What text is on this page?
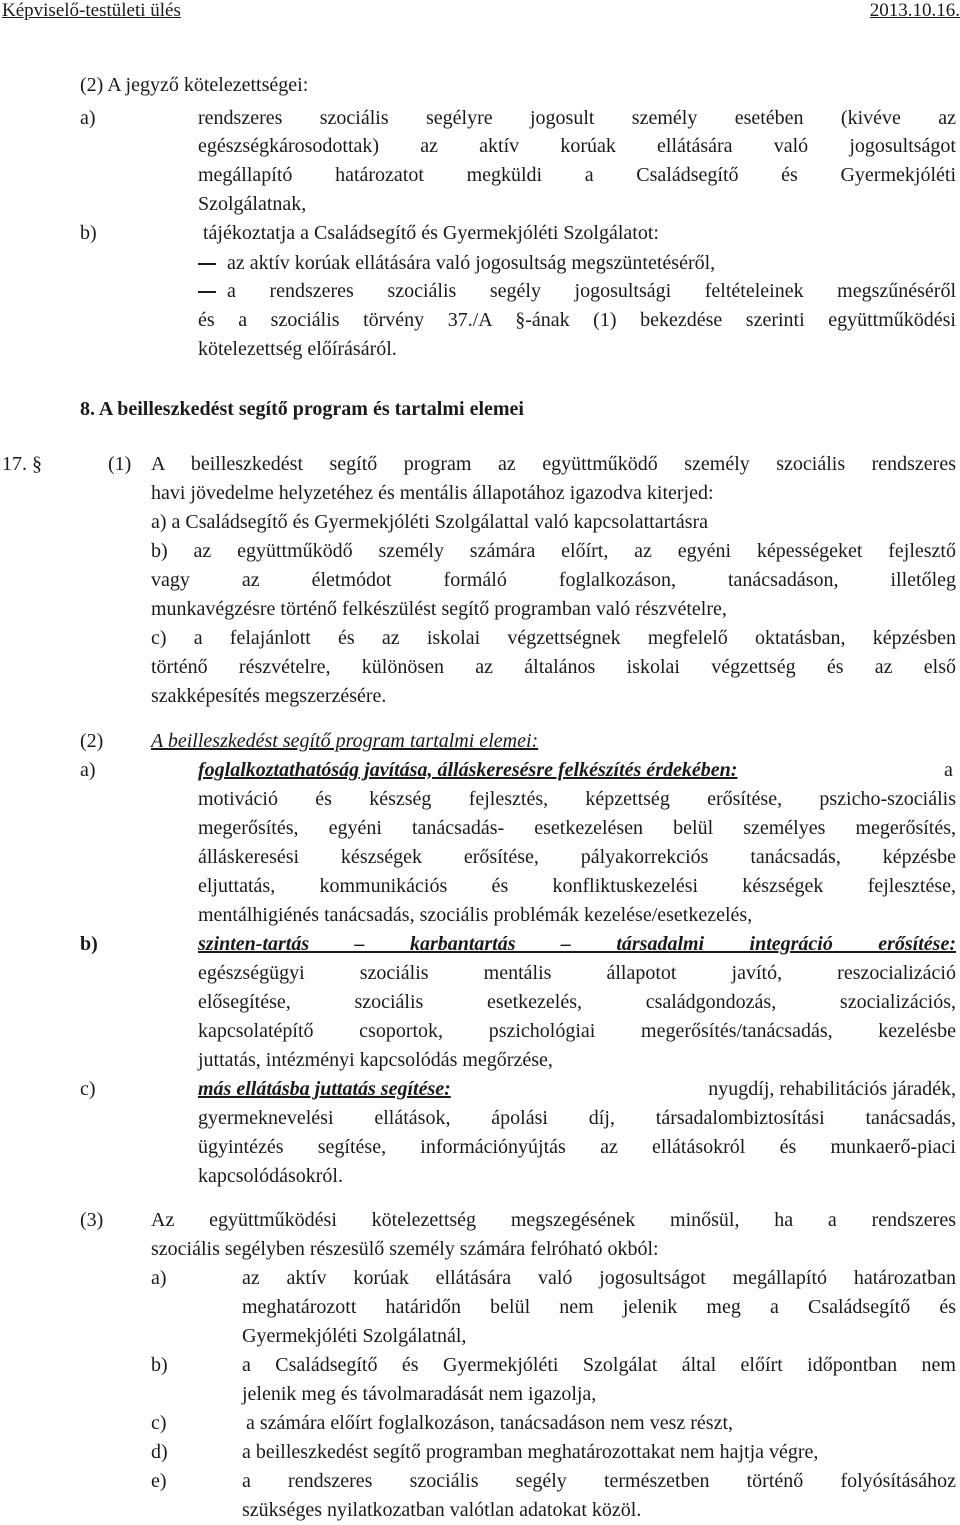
Képviselő-testületi ülés	2013.10.16.
(2) A jegyző kötelezettségei:
a)	rendszeres szociális segélyre jogosult személy esetében (kivéve az
egészségkárosodottak) az aktív korúak ellátására való jogosultságot
megállapító határozatot megküldi a Családsegítő és Gyermekjóléti
Szolgálatnak,
b)	tájékoztatja a Családsegítő és Gyermekjóléti Szolgálatot:
az aktív korúak ellátására való jogosultság megszüntetéséről,
a rendszeres szociális segély jogosultsági feltételeinek megszűnéséről
és a szociális törvény 37./A §-ának (1) bekezdése szerinti együttműködési
kötelezettség előírásáról.
8. A beilleszkedést segítő program és tartalmi elemei
17. §	(1) A beilleszkedést segítő program az együttműködő személy szociális rendszeres
havi jövedelme helyzetéhez és mentális állapotához igazodva kiterjed:
a) a Családsegítő és Gyermekjóléti Szolgálattal való kapcsolattartásra
b) az együttműködő személy számára előírt, az egyéni képességeket fejlesztő
vagy az életmódot formáló foglalkozáson, tanácsadáson, illetőleg
munkavégzésre történő felkészülést segítő programban való részvételre,
c) a felajánlott és az iskolai végzettségnek megfelelő oktatásban, képzésben
történő részvételre, különösen az általános iskolai végzettség és az első
szakképesítés megszerzésére.
(2) A beilleszkedést segítő program tartalmi elemei:
a)	foglalkoztathatóság javítása, álláskeresésre felkészítés érdekében:	a
motiváció és készség fejlesztés, képzettség erősítése, pszicho-szociális
megerősítés, egyéni tanácsadás- esetkezelésen belül személyes megerősítés,
álláskeresési készségek erősítése, pályakorrekciós tanácsadás, képzésbe
eljuttatás, kommunikációs és konfliktuskezelési készségek fejlesztése,
mentálhigiénés tanácsadás, szociális problémák kezelése/esetkezelés,
b)	szinten-tartás – karbantartás – társadalmi integráció erősítése:
egészségügyi szociális mentális állapotot javító, reszocializáció
elősegítése, szociális esetkezelés, családgondozás, szocializációs,
kapcsolatépítő csoportok, pszichológiai megerősítés/tanácsadás, kezelésbe
juttatás, intézményi kapcsolódás megőrzése,
c)	más ellátásba juttatás segítése:	nyugdíj, rehabilitációs járadék,
gyermeknevelési ellátások, ápolási díj, társadalombiztosítási tanácsadás,
ügyintézés segítése, információnyújtás az ellátásokról és munkaerő-piaci
kapcsolódásokról.
(3) Az együttműködési kötelezettség megszegésének minősül, ha a rendszeres
szociális segélyben részesülő személy számára felróható okból:
a)	az aktív korúak ellátására való jogosultságot megállapító határozatban
meghatározott határidőn belül nem jelenik meg a Családsegítő és
Gyermekjóléti Szolgálatnál,
b)	a Családsegítő és Gyermekjóléti Szolgálat által előírt időpontban nem
jelenik meg és távolmaradását nem igazolja,
c)	a számára előírt foglalkozáson, tanácsadáson nem vesz részt,
d)	a beilleszkedést segítő programban meghatározottakat nem hajtja végre,
e)	a rendszeres szociális segély természetben történő folyósításához
szükséges nyilatkozatban valótlan adatokat közöl.
